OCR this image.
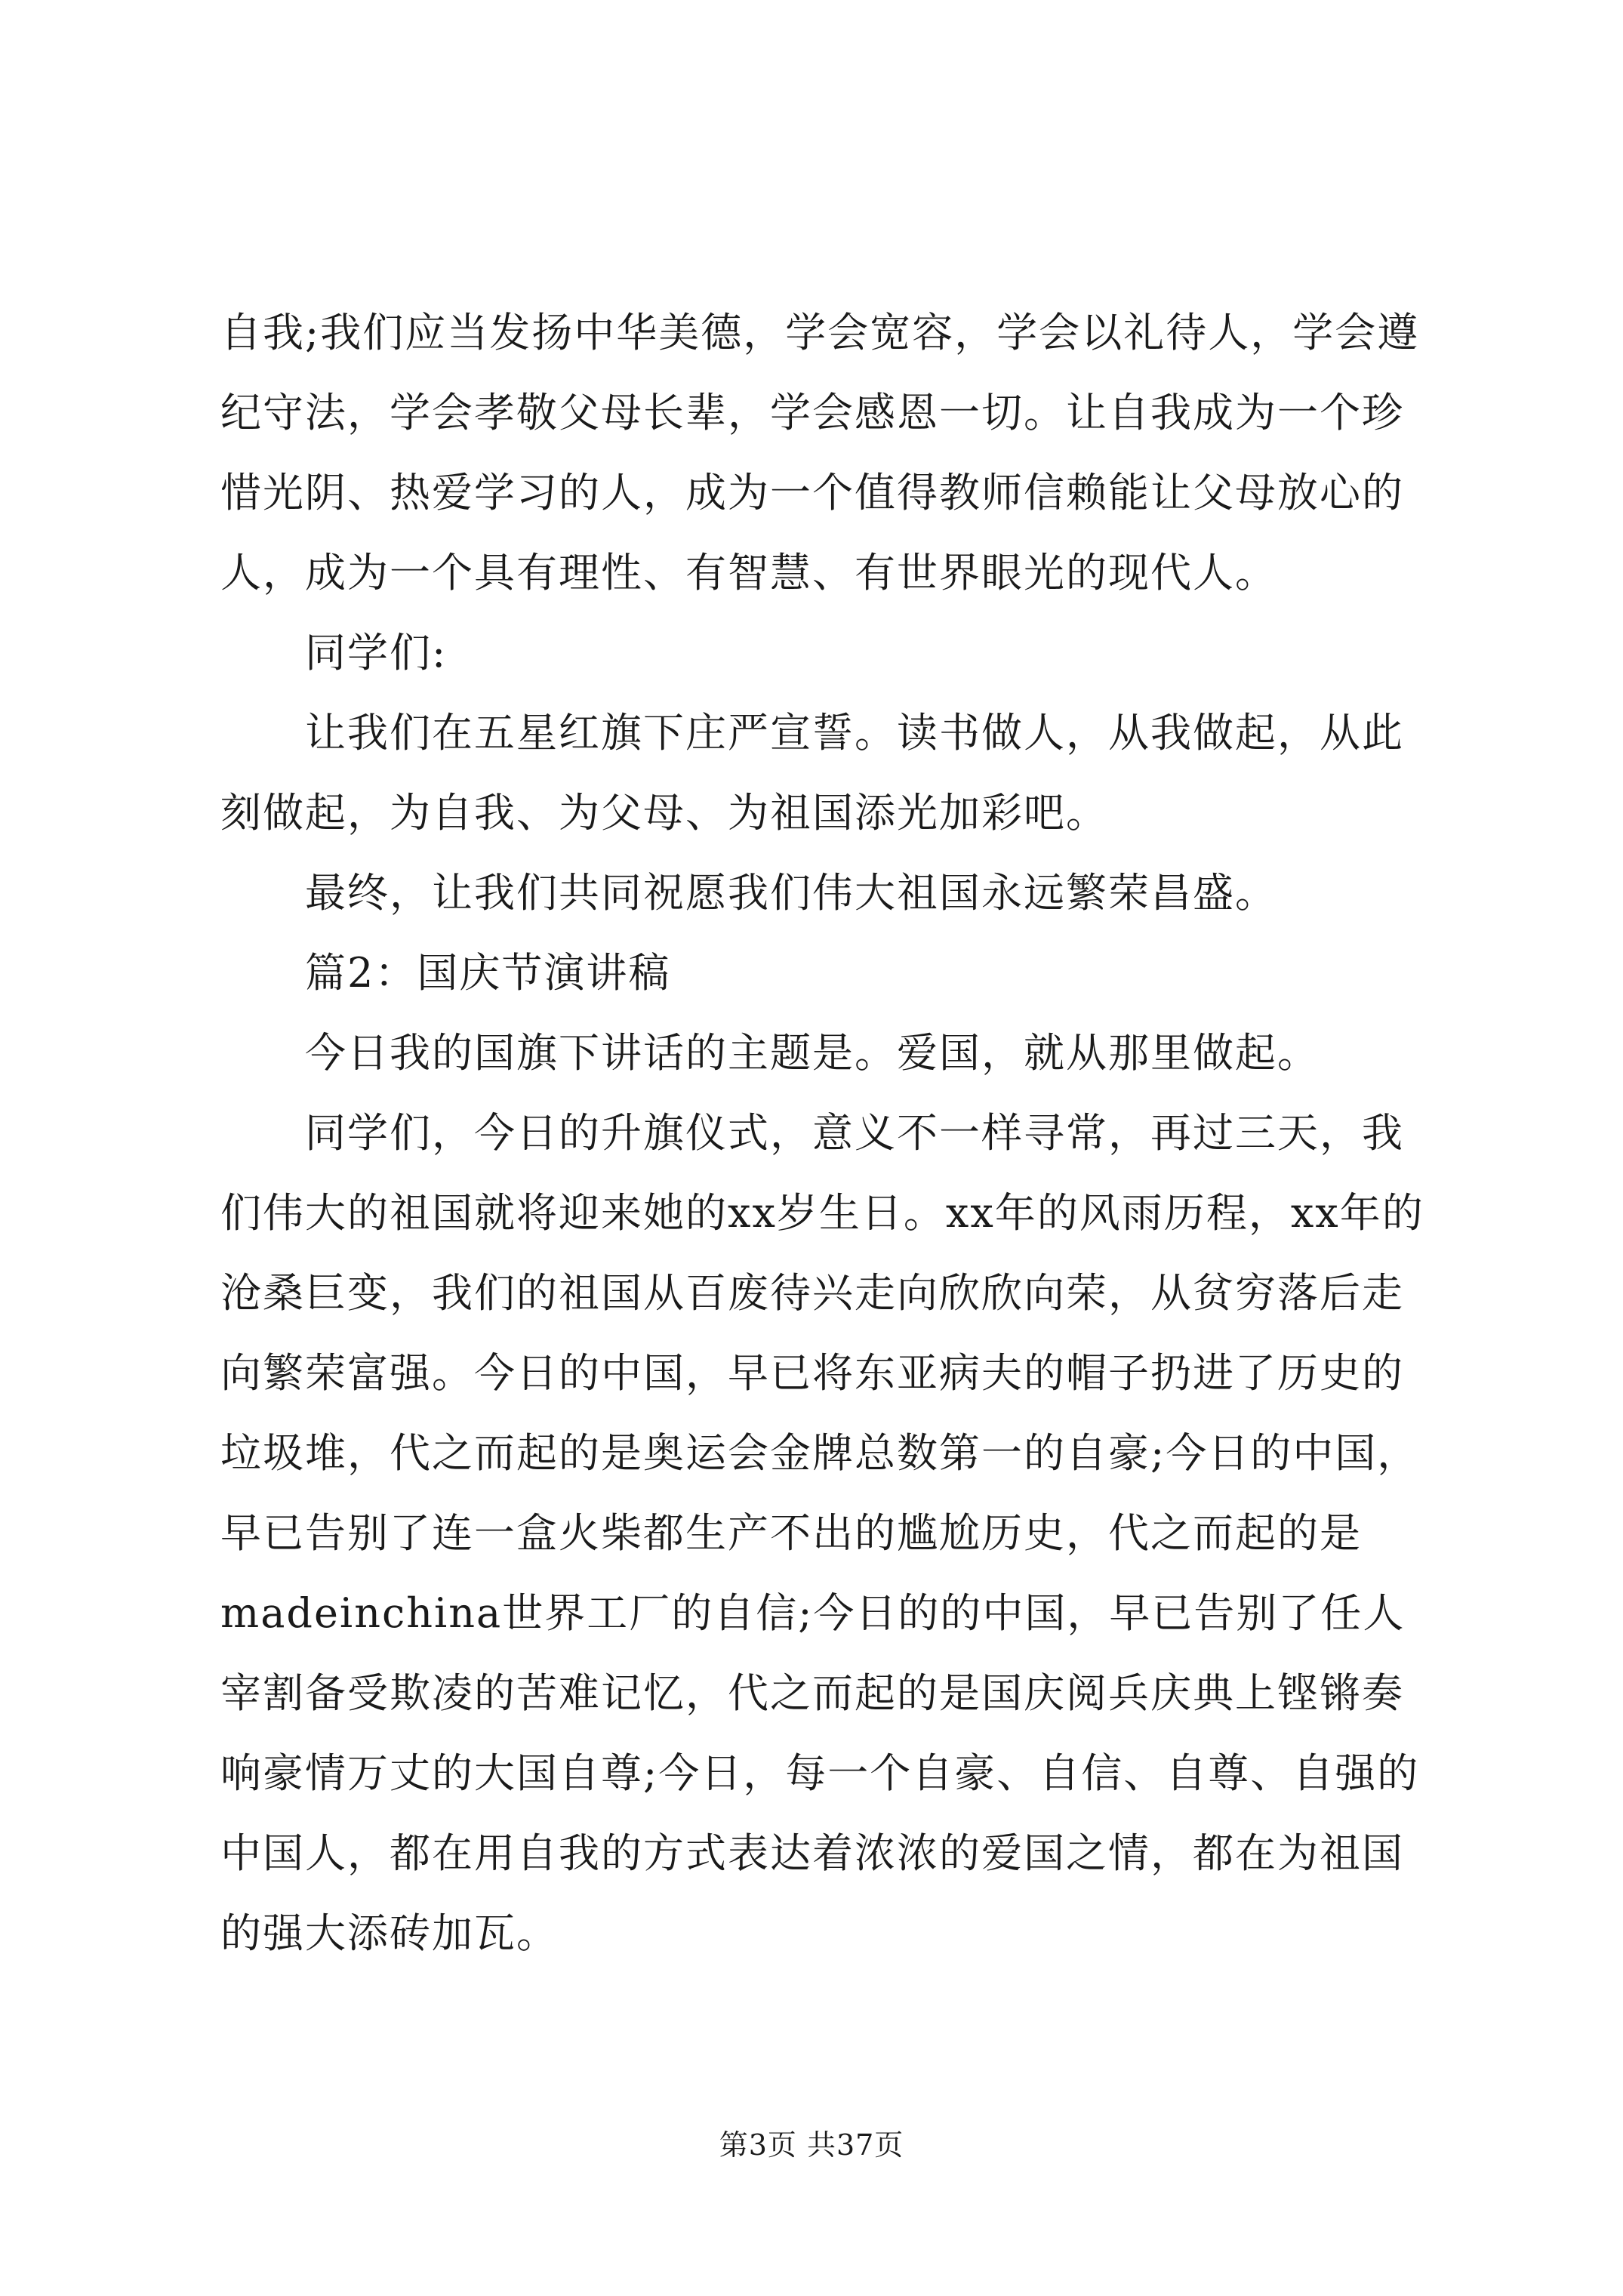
自我;我们应当发扬中华美德，学会宽容，学会以礼待人，学会遵纪守法，学会孝敬父母长辈，学会感恩一切。让自我成为一个珍惜光阴、热爱学习的人，成为一个值得教师信赖能让父母放心的人，成为一个具有理性、有智慧、有世界眼光的现代人。

同学们:

让我们在五星红旗下庄严宣誓。读书做人，从我做起，从此刻做起，为自我、为父母、为祖国添光加彩吧。

最终，让我们共同祝愿我们伟大祖国永远繁荣昌盛。

篇2：国庆节演讲稿

今日我的国旗下讲话的主题是。爱国，就从那里做起。

同学们，今日的升旗仪式，意义不一样寻常，再过三天，我们伟大的祖国就将迎来她的xx岁生日。xx年的风雨历程，xx年的沧桑巨变，我们的祖国从百废待兴走向欣欣向荣，从贫穷落后走向繁荣富强。今日的中国，早已将东亚病夫的帽子扔进了历史的垃圾堆，代之而起的是奥运会金牌总数第一的自豪;今日的中国，早已告别了连一盒火柴都生产不出的尴尬历史，代之而起的是madeinchina世界工厂的自信;今日的的中国，早已告别了任人宰割备受欺凌的苦难记忆，代之而起的是国庆阅兵庆典上铿锵奏响豪情万丈的大国自尊;今日，每一个自豪、自信、自尊、自强的中国人，都在用自我的方式表达着浓浓的爱国之情，都在为祖国的强大添砖加瓦。

第3页 共37页
